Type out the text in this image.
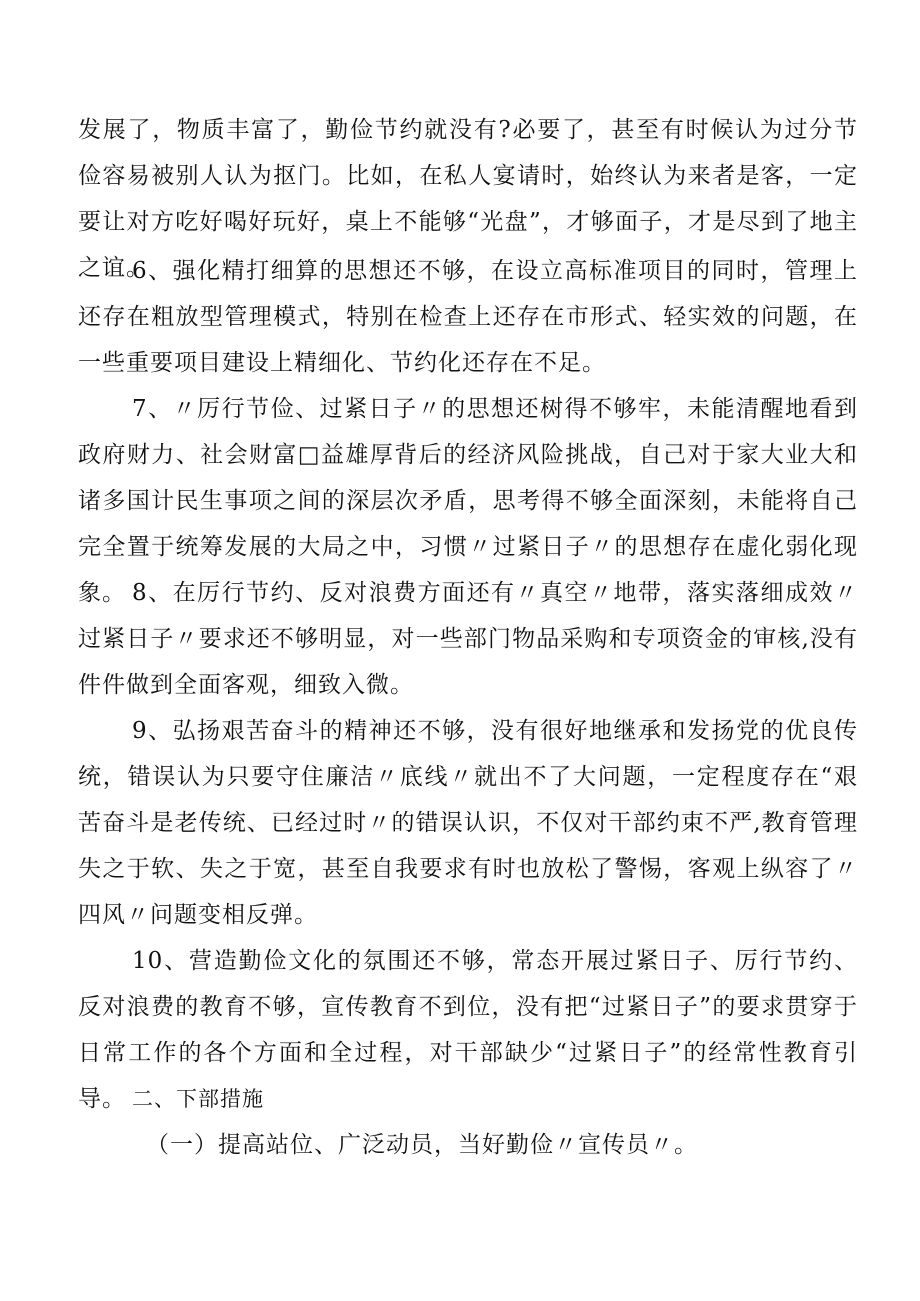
发展了，物质丰富了，勤俭节约就没有?必要了，甚至有时候认为过分节俭容易被别人认为抠门。比如，在私人宴请时，始终认为来者是客，一定要让对方吃好喝好玩好，桌上不能够“光盘”，才够面子，才是尽到了地主之谊。

6、强化精打细算的思想还不够，在设立高标准项目的同时，管理上还存在粗放型管理模式，特别在检查上还存在市形式、轻实效的问题，在一些重要项目建设上精细化、节约化还存在不足。

7、〃厉行节俭、过紧日子〃的思想还树得不够牢，未能清醒地看到政府财力、社会财富□益雄厚背后的经济风险挑战，自己对于家大业大和诸多国计民生事项之间的深层次矛盾，思考得不够全面深刻，未能将自己完全置于统筹发展的大局之中，习惯〃过紧日子〃的思想存在虚化弱化现象。 8、在厉行节约、反对浪费方面还有〃真空〃地带，落实落细成效〃过紧日子〃要求还不够明显，对一些部门物品采购和专项资金的审核,没有件件做到全面客观，细致入微。

9、弘扬艰苦奋斗的精神还不够，没有很好地继承和发扬党的优良传统，错误认为只要守住廉洁〃底线〃就出不了大问题，一定程度存在“艰苦奋斗是老传统、已经过时〃的错误认识，不仅对干部约束不严,教育管理失之于软、失之于宽，甚至自我要求有时也放松了警惕，客观上纵容了〃四风〃问题变相反弹。

10、营造勤俭文化的氛围还不够，常态开展过紧日子、厉行节约、反对浪费的教育不够，宣传教育不到位，没有把“过紧日子”的要求贯穿于日常工作的各个方面和全过程，对干部缺少“过紧日子”的经常性教育引导。 二、下部措施

（一）提高站位、广泛动员，当好勤俭〃宣传员〃。
